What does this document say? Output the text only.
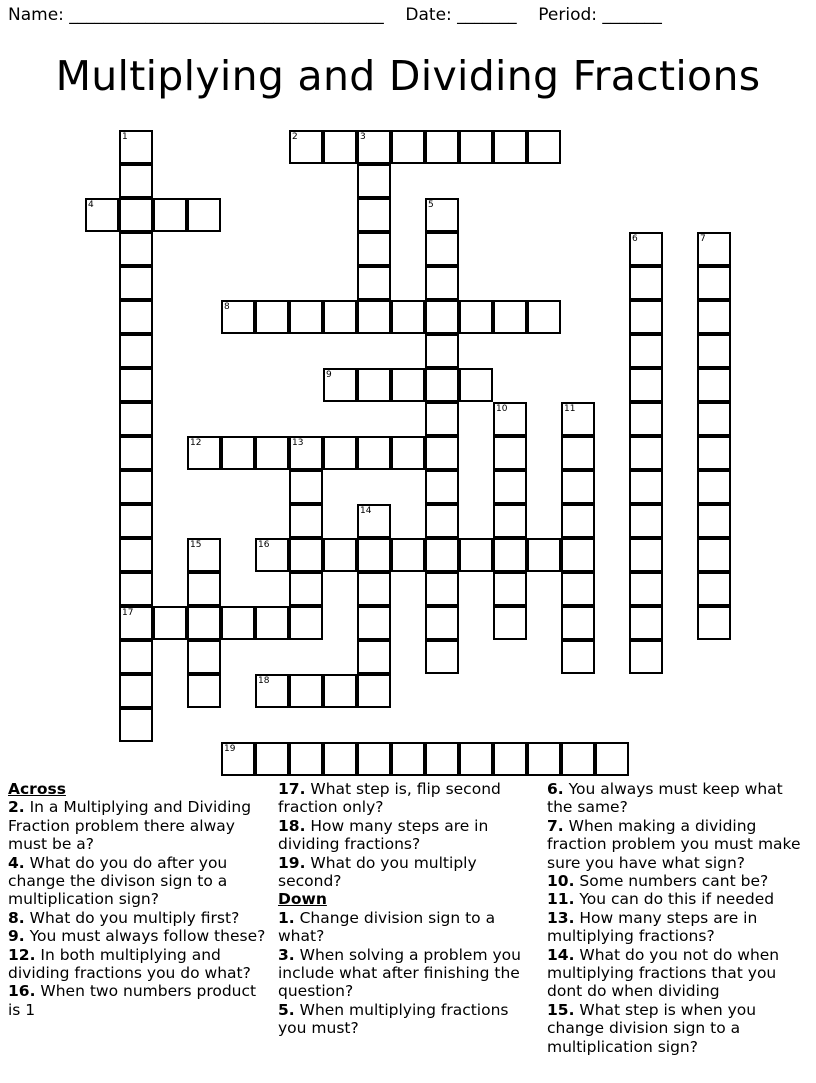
Name: _____________________________________    Date: _______    Period: _______
Multiplying and Dividing Fractions
1
17
2	3
4	5
6	7
8
9
10	11
12	13
14
15	16
18
19
Across
2. In a Multiplying and Dividing Fraction problem there alway must be a?
4. What do you do after you change the divison sign to a multiplication sign?
8. What do you multiply first?
9. You must always follow these?
12. In both multiplying and dividing fractions you do what?
16. When two numbers product is 1
17. What step is, flip second fraction only?
18. How many steps are in dividing fractions?
19. What do you multiply second?
Down
1. Change division sign to a what?
3. When solving a problem you include what after finishing the question?
5. When multiplying fractions you must?
6. You always must keep what the same?
7. When making a dividing fraction problem you must make sure you have what sign?
10. Some numbers cant be?
11. You can do this if needed
13. How many steps are in multiplying fractions?
14. What do you not do when multiplying fractions that you dont do when dividing
15. What step is when you change division sign to a multiplication sign?
